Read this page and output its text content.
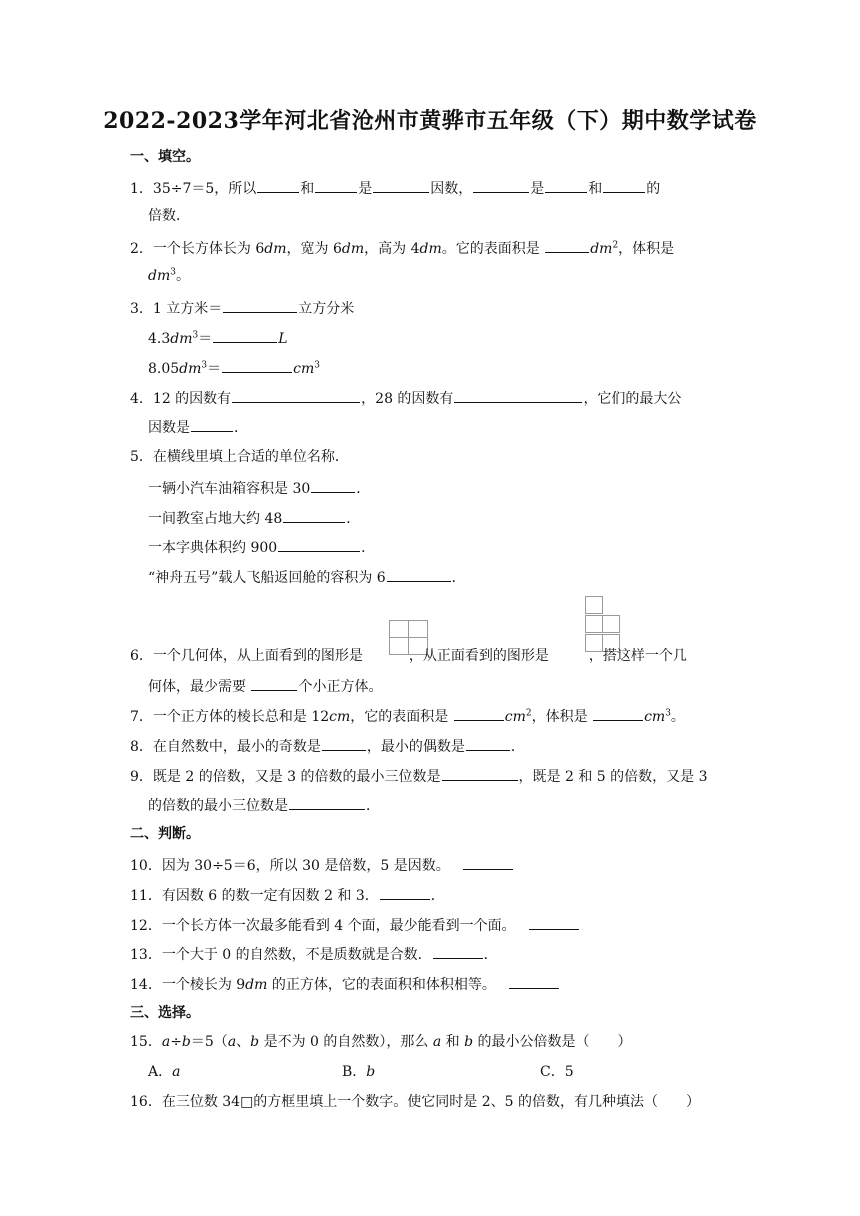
2022-2023学年河北省沧州市黄骅市五年级（下）期中数学试卷
一、填空。
1．35÷7＝5，所以	和	是	因数，	是	和	的
倍数．
2．一个长方体长为 6dm，宽为 6dm，高为 4dm。它的表面积是	$dm^2$，体积是
$dm^3$。
3．1 立方米＝	立方分米
$4.3dm^3=$	L
$8.05dm^3=$	$cm^3$
4．12 的因数有	，28 的因数有	，它们的最大公
因数是	．
5．在横线里填上合适的单位名称．
一辆小汽车油箱容积是 30	．
一间教室占地大约 48	．
一本字典体积约 900	．
“神舟五号”载人飞船返回舱的容积为 6	．
6．一个几何体，从上面看到的图形是	，从正面看到的图形是	，搭这样一个几
何体，最少需要	个小正方体。
7．一个正方体的棱长总和是 12cm，它的表面积是	$cm^2$，体积是	$cm^3$。
8．在自然数中，最小的奇数是	，最小的偶数是	．
9．既是 2 的倍数，又是 3 的倍数的最小三位数是	，既是 2 和 5 的倍数，又是 3
的倍数的最小三位数是	．
二、判断。
10．因为 30÷5＝6，所以 30 是倍数，5 是因数。
11．有因数 6 的数一定有因数 2 和 3．	．
12．一个长方体一次最多能看到 4 个面，最少能看到一个面。
13．一个大于 0 的自然数，不是质数就是合数．	．
14．一个棱长为 9dm 的正方体，它的表面积和体积相等。
三、选择。
15．a÷b＝5（a、b 是不为 0 的自然数），那么 a 和 b 的最小公倍数是（　　）
A．a	B．b	C．5
16．在三位数 34□的方框里填上一个数字。使它同时是 2、5 的倍数，有几种填法（　　）
